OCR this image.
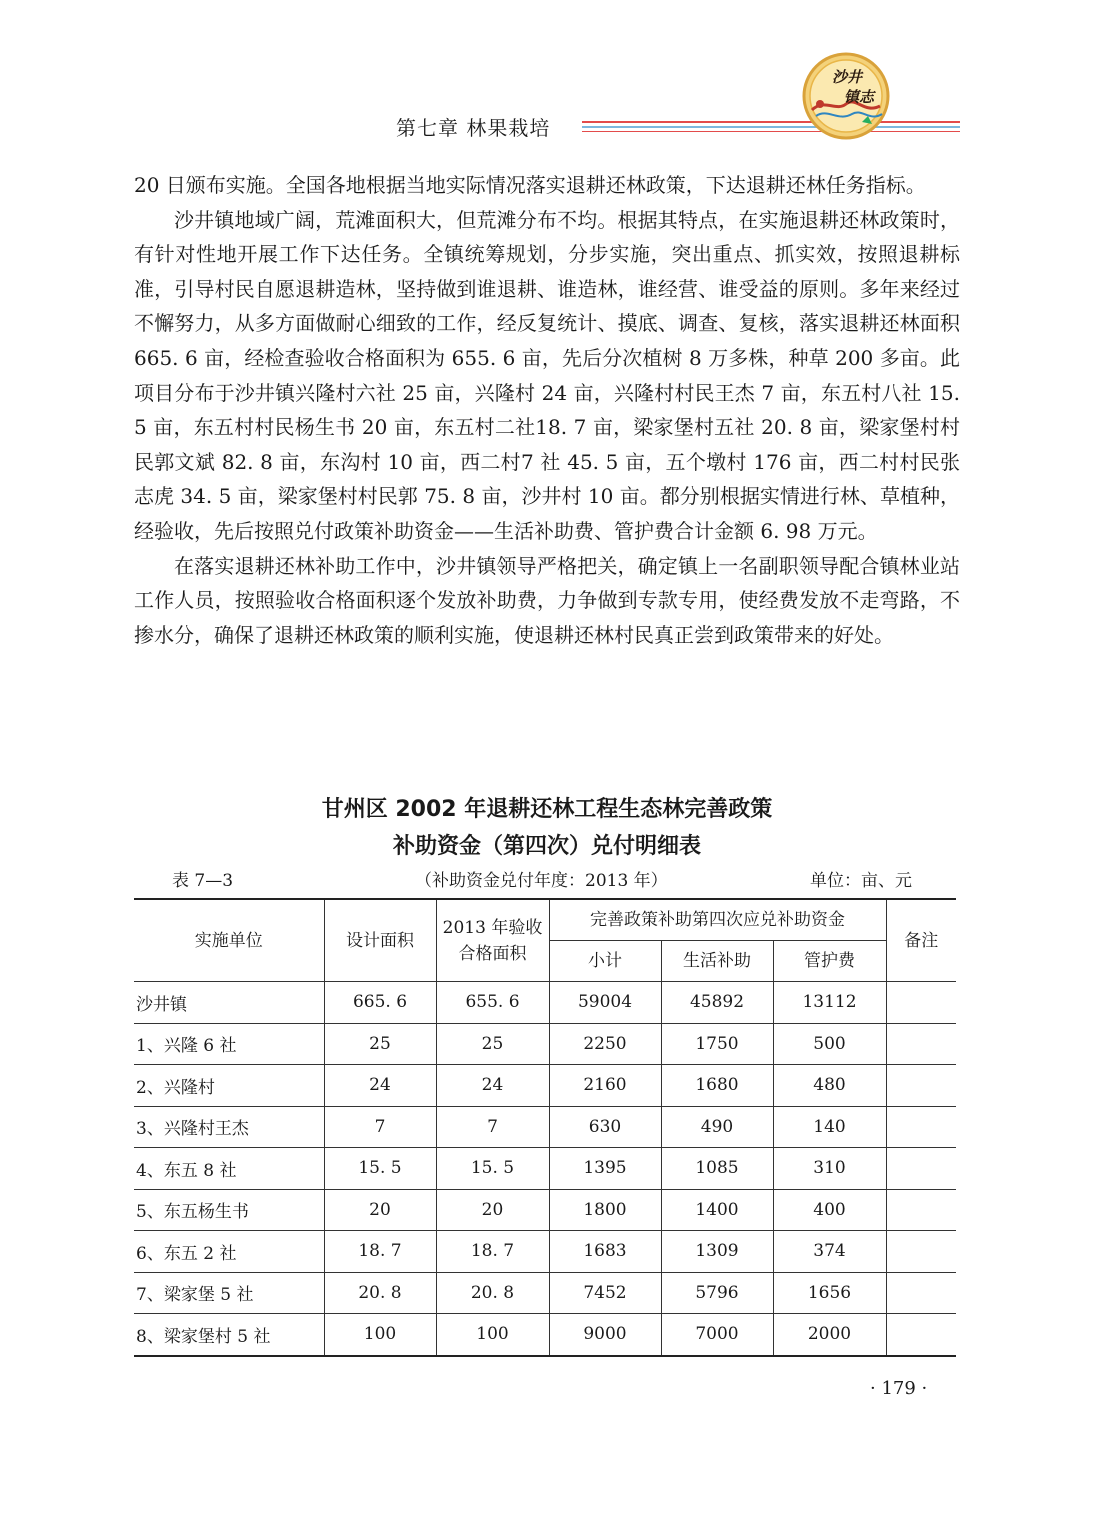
第七章 林果栽培
沙井
镇志

20 日颁布实施。全国各地根据当地实际情况落实退耕还林政策，下达退耕还林任务指标。

沙井镇地域广阔，荒滩面积大，但荒滩分布不均。根据其特点，在实施退耕还林政策时，有针对性地开展工作下达任务。全镇统筹规划，分步实施，突出重点、抓实效，按照退耕标准，引导村民自愿退耕造林，坚持做到谁退耕、谁造林，谁经营、谁受益的原则。多年来经过不懈努力，从多方面做耐心细致的工作，经反复统计、摸底、调查、复核，落实退耕还林面积 665. 6 亩，经检查验收合格面积为 655. 6 亩，先后分次植树 8 万多株，种草 200 多亩。此项目分布于沙井镇兴隆村六社 25 亩，兴隆村 24 亩，兴隆村村民王杰 7 亩，东五村八社 15. 5 亩，东五村村民杨生书 20 亩，东五村二社18. 7 亩，梁家堡村五社 20. 8 亩，梁家堡村村民郭文斌 82. 8 亩，东沟村 10 亩，西二村7 社 45. 5 亩，五个墩村 176 亩，西二村村民张志虎 34. 5 亩，梁家堡村村民郭 75. 8 亩，沙井村 10 亩。都分别根据实情进行林、草植种，经验收，先后按照兑付政策补助资金——生活补助费、管护费合计金额 6. 98 万元。

在落实退耕还林补助工作中，沙井镇领导严格把关，确定镇上一名副职领导配合镇林业站工作人员，按照验收合格面积逐个发放补助费，力争做到专款专用，使经费发放不走弯路，不掺水分，确保了退耕还林政策的顺利实施，使退耕还林村民真正尝到政策带来的好处。

甘州区 2002 年退耕还林工程生态林完善政策
补助资金（第四次）兑付明细表
表 7—3	（补助资金兑付年度：2013 年）	单位：亩、元
实施单位	设计面积	2013 年验收
合格面积	完善政策补助第四次应兑补助资金			备注
			小计	生活补助	管护费	
沙井镇	665. 6	655. 6	59004	45892	13112	
1、兴隆 6 社	25	25	2250	1750	500	
2、兴隆村	24	24	2160	1680	480	
3、兴隆村王杰	7	7	630	490	140	
4、东五 8 社	15. 5	15. 5	1395	1085	310	
5、东五杨生书	20	20	1800	1400	400	
6、东五 2 社	18. 7	18. 7	1683	1309	374	
7、梁家堡 5 社	20. 8	20. 8	7452	5796	1656	
8、梁家堡村 5 社	100	100	9000	7000	2000	
· 179 ·
